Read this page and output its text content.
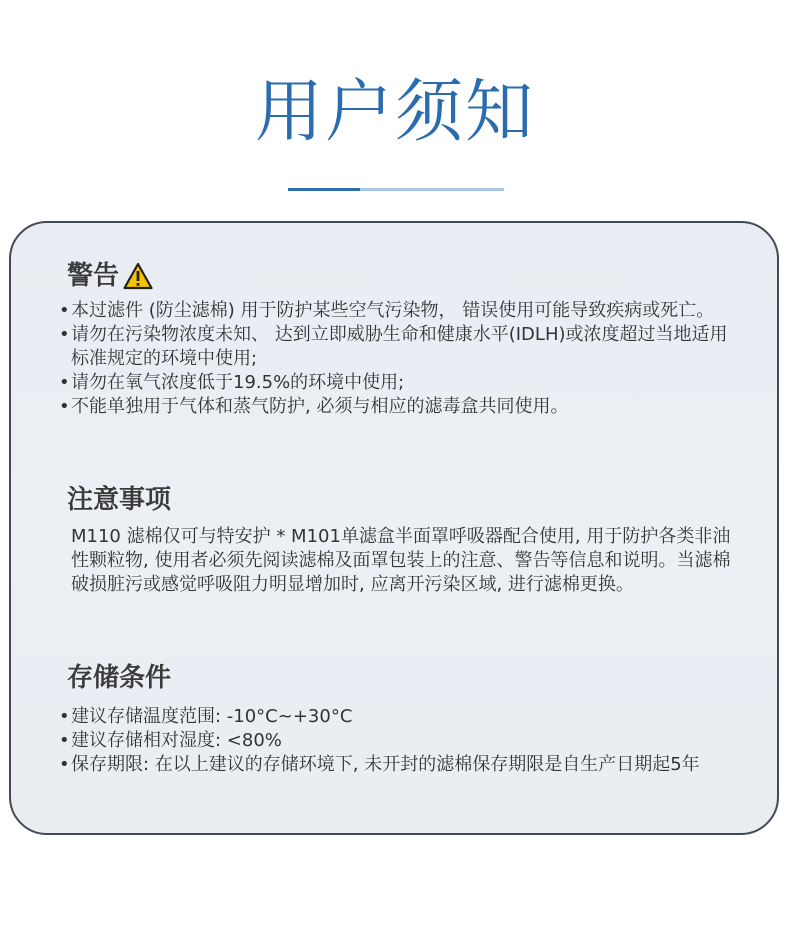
用户须知
警告

• 本过滤件 (防尘滤棉) 用于防护某些空气污染物， 错误使用可能导致疾病或死亡。

• 请勿在污染物浓度未知、 达到立即威胁生命和健康水平(IDLH)或浓度超过当地适用标准规定的环境中使用;

• 请勿在氧气浓度低于19.5%的环境中使用;

• 不能单独用于气体和蒸气防护, 必须与相应的滤毒盒共同使用。

注意事项

M110 滤棉仅可与特安护 * M101单滤盒半面罩呼吸器配合使用, 用于防护各类非油性颗粒物, 使用者必须先阅读滤棉及面罩包装上的注意、警告等信息和说明。当滤棉破损脏污或感觉呼吸阻力明显增加时, 应离开污染区域, 进行滤棉更换。

存储条件

• 建议存储温度范围: -10°C~+30°C

• 建议存储相对湿度: <80%

• 保存期限: 在以上建议的存储环境下, 未开封的滤棉保存期限是自生产日期起5年
